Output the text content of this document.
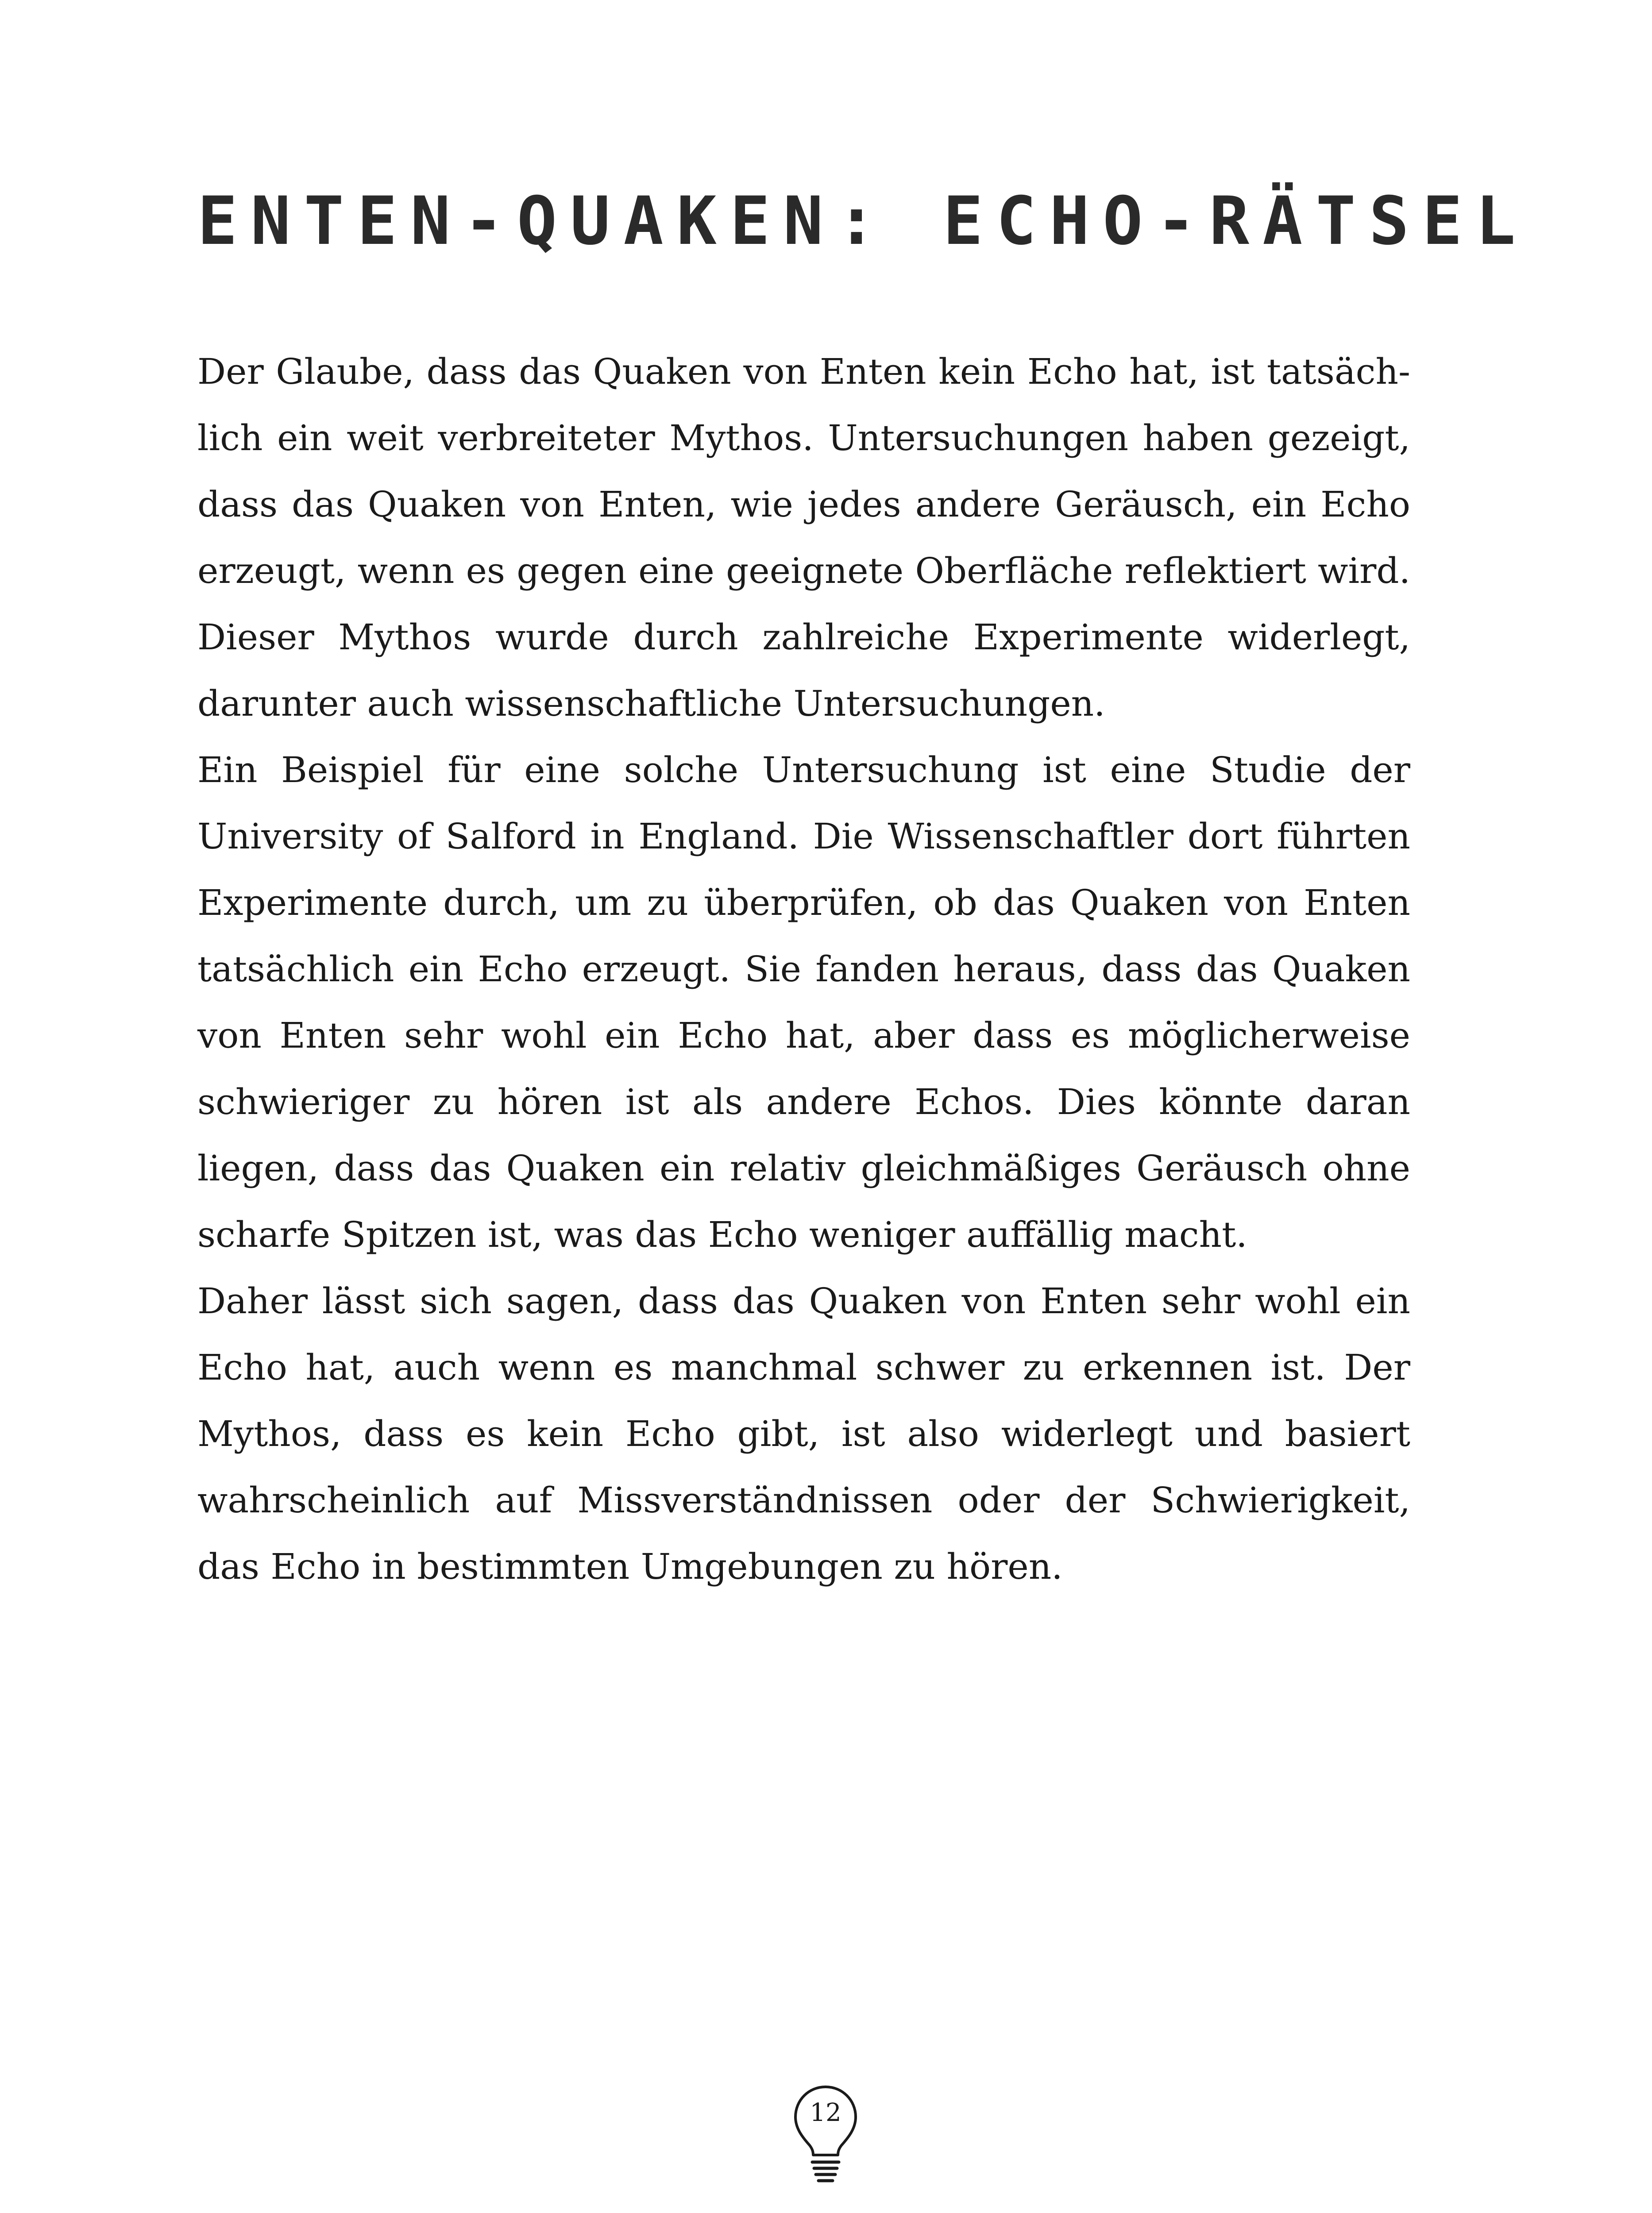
ENTEN-QUAKEN: ECHO-RÄTSEL

Der Glaube, dass das Quaken von Enten kein Echo hat, ist tatsächlich ein weit verbreiteter Mythos. Untersuchungen haben gezeigt, dass das Quaken von Enten, wie jedes andere Geräusch, ein Echo erzeugt, wenn es gegen eine geeignete Oberfläche reflektiert wird. Dieser Mythos wurde durch zahlreiche Experimente widerlegt, darunter auch wissenschaftliche Untersuchungen.

Ein Beispiel für eine solche Untersuchung ist eine Studie der University of Salford in England. Die Wissenschaftler dort führten Experimente durch, um zu überprüfen, ob das Quaken von Enten tatsächlich ein Echo erzeugt. Sie fanden heraus, dass das Quaken von Enten sehr wohl ein Echo hat, aber dass es möglicherweise schwieriger zu hören ist als andere Echos. Dies könnte daran liegen, dass das Quaken ein relativ gleichmäßiges Geräusch ohne scharfe Spitzen ist, was das Echo weniger auffällig macht.

Daher lässt sich sagen, dass das Quaken von Enten sehr wohl ein Echo hat, auch wenn es manchmal schwer zu erkennen ist. Der Mythos, dass es kein Echo gibt, ist also widerlegt und basiert wahrscheinlich auf Missverständnissen oder der Schwierigkeit, das Echo in bestimmten Umgebungen zu hören.

12
